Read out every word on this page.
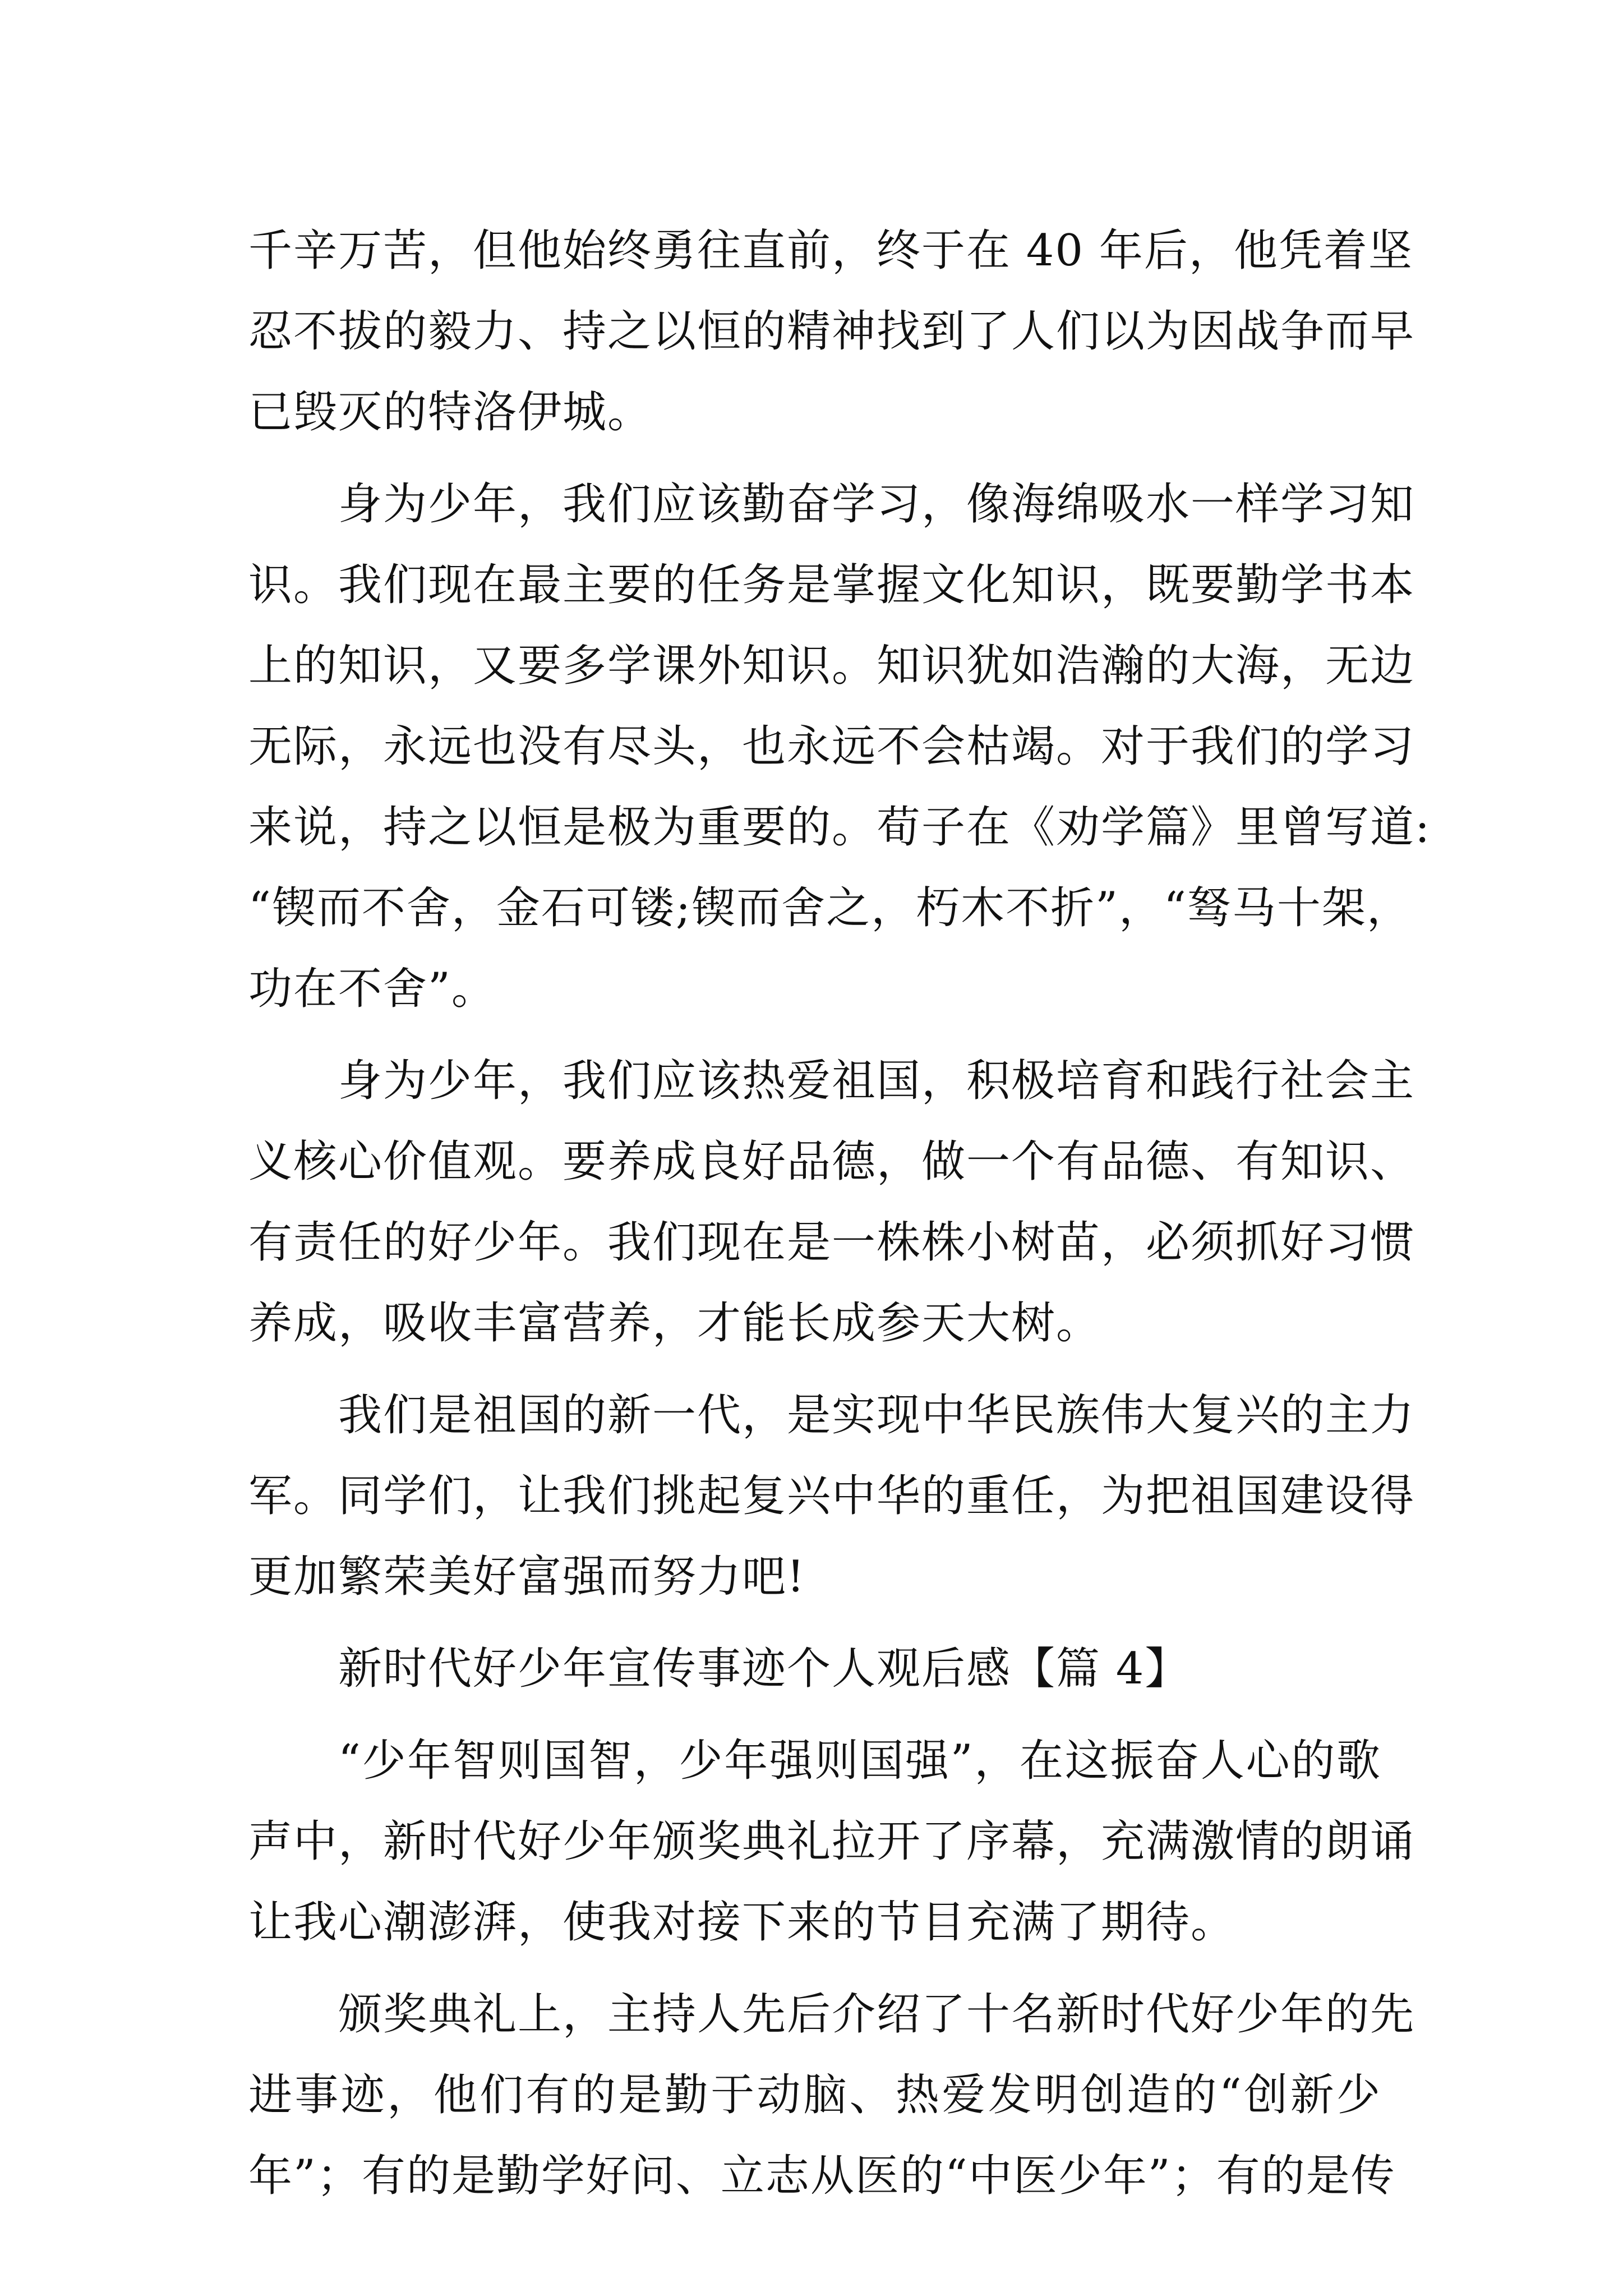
千辛万苦，但他始终勇往直前，终于在 40 年后，他凭着坚
忍不拔的毅力、持之以恒的精神找到了人们以为因战争而早
已毁灭的特洛伊城。
身为少年，我们应该勤奋学习，像海绵吸水一样学习知
识。我们现在最主要的任务是掌握文化知识，既要勤学书本
上的知识，又要多学课外知识。知识犹如浩瀚的大海，无边
无际，永远也没有尽头，也永远不会枯竭。对于我们的学习
来说，持之以恒是极为重要的。荀子在《劝学篇》里曾写道:
“锲而不舍，金石可镂;锲而舍之，朽木不折”，“驽马十架，
功在不舍”。
身为少年，我们应该热爱祖国，积极培育和践行社会主
义核心价值观。要养成良好品德，做一个有品德、有知识、
有责任的好少年。我们现在是一株株小树苗，必须抓好习惯
养成，吸收丰富营养，才能长成参天大树。
我们是祖国的新一代，是实现中华民族伟大复兴的主力
军。同学们，让我们挑起复兴中华的重任，为把祖国建设得
更加繁荣美好富强而努力吧!
新时代好少年宣传事迹个人观后感【篇 4】
“少年智则国智，少年强则国强”，在这振奋人心的歌
声中，新时代好少年颁奖典礼拉开了序幕，充满激情的朗诵
让我心潮澎湃，使我对接下来的节目充满了期待。
颁奖典礼上，主持人先后介绍了十名新时代好少年的先
进事迹，他们有的是勤于动脑、热爱发明创造的“创新少
年”；有的是勤学好问、立志从医的“中医少年”；有的是传
